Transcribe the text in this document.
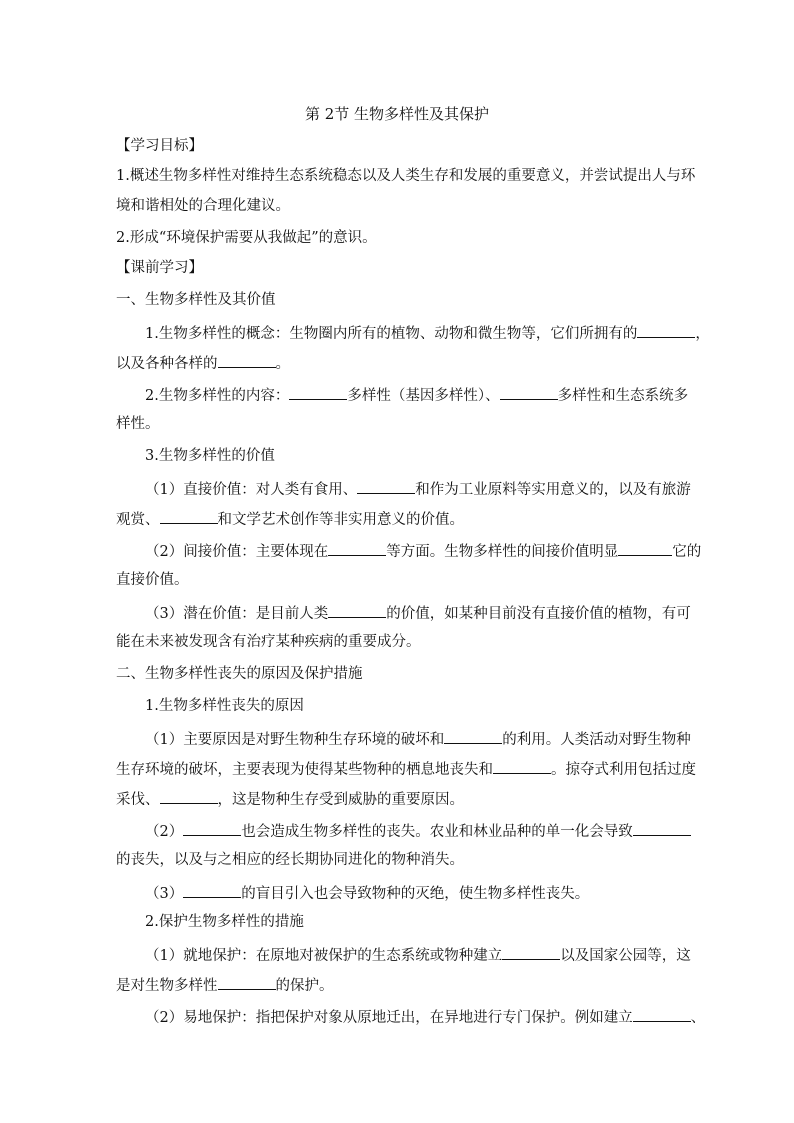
第 2节 生物多样性及其保护
【学习目标】
1.概述生物多样性对维持生态系统稳态以及人类生存和发展的重要意义，并尝试提出人与环
境和谐相处的合理化建议。
2.形成“环境保护需要从我做起”的意识。
【课前学习】
一、生物多样性及其价值
1.生物多样性的概念：生物圈内所有的植物、动物和微生物等，它们所拥有的	，
以及各种各样的	。
2.生物多样性的内容：	多样性（基因多样性）、	多样性和生态系统多
样性。
3.生物多样性的价值
（1）直接价值：对人类有食用、	和作为工业原料等实用意义的，以及有旅游
观赏、	和文学艺术创作等非实用意义的价值。
（2）间接价值：主要体现在	等方面。生物多样性的间接价值明显	它的
直接价值。
（3）潜在价值：是目前人类	的价值，如某种目前没有直接价值的植物，有可
能在未来被发现含有治疗某种疾病的重要成分。
二、生物多样性丧失的原因及保护措施
1.生物多样性丧失的原因
（1）主要原因是对野生物种生存环境的破坏和	的利用。人类活动对野生物种
生存环境的破坏，主要表现为使得某些物种的栖息地丧失和	。掠夺式利用包括过度
采伐、	，这是物种生存受到威胁的重要原因。
（2）	也会造成生物多样性的丧失。农业和林业品种的单一化会导致
的丧失，以及与之相应的经长期协同进化的物种消失。
（3）	的盲目引入也会导致物种的灭绝，使生物多样性丧失。
2.保护生物多样性的措施
（1）就地保护：在原地对被保护的生态系统或物种建立	以及国家公园等，这
是对生物多样性	的保护。
（2）易地保护：指把保护对象从原地迁出，在异地进行专门保护。例如建立	、
